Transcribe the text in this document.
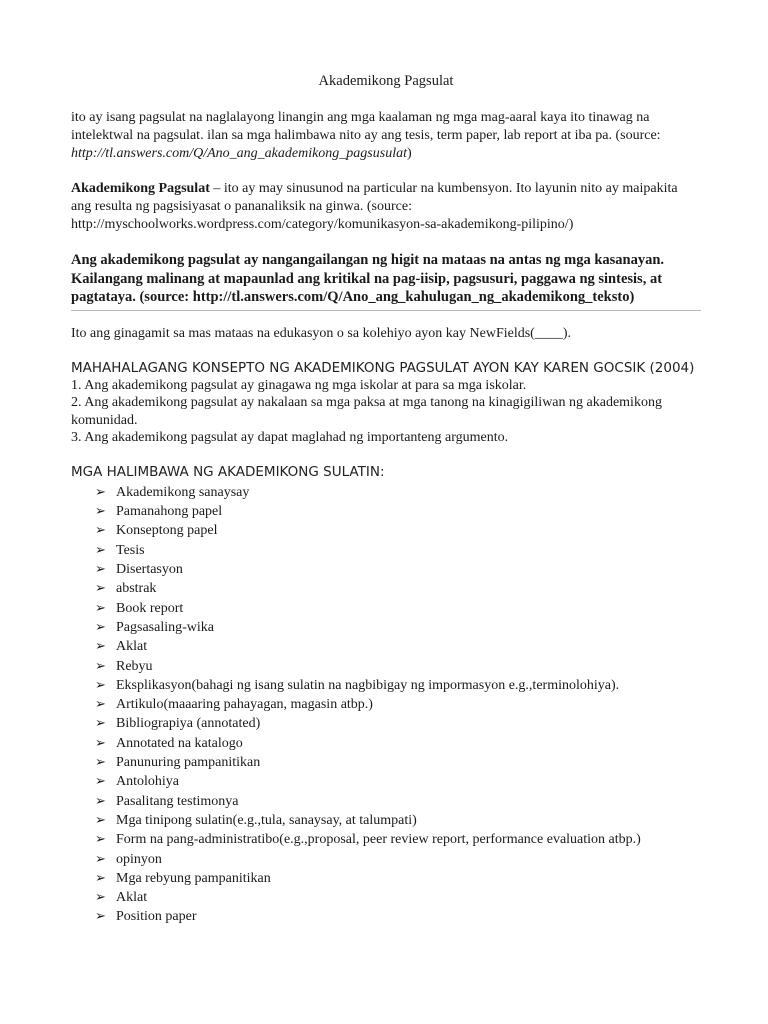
Akademikong Pagsulat

ito ay isang pagsulat na naglalayong linangin ang mga kaalaman ng mga mag-aaral kaya ito tinawag na intelektwal na pagsulat. ilan sa mga halimbawa nito ay ang tesis, term paper, lab report at iba pa. (source: http://tl.answers.com/Q/Ano_ang_akademikong_pagsusulat)

Akademikong Pagsulat – ito ay may sinusunod na particular na kumbensyon. Ito layunin nito ay maipakita ang resulta ng pagsisiyasat o pananaliksik na ginwa. (source: http://myschoolworks.wordpress.com/category/komunikasyon-sa-akademikong-pilipino/)

Ang akademikong pagsulat ay nangangailangan ng higit na mataas na antas ng mga kasanayan. Kailangang malinang at mapaunlad ang kritikal na pag-iisip, pagsusuri, paggawa ng sintesis, at pagtataya. (source: http://tl.answers.com/Q/Ano_ang_kahulugan_ng_akademikong_teksto)

Ito ang ginagamit sa mas mataas na edukasyon o sa kolehiyo ayon kay NewFields(____).

MAHAHALAGANG KONSEPTO NG AKADEMIKONG PAGSULAT AYON KAY KAREN GOCSIK (2004)

1. Ang akademikong pagsulat ay ginagawa ng mga iskolar at para sa mga iskolar.

2. Ang akademikong pagsulat ay nakalaan sa mga paksa at mga tanong na kinagigiliwan ng akademikong komunidad.

3. Ang akademikong pagsulat ay dapat maglahad ng importanteng argumento.

MGA HALIMBAWA NG AKADEMIKONG SULATIN:
➢ Akademikong sanaysay
➢ Pamanahong papel
➢ Konseptong papel
➢ Tesis
➢ Disertasyon
➢ abstrak
➢ Book report
➢ Pagsasaling-wika
➢ Aklat
➢ Rebyu
➢ Eksplikasyon(bahagi ng isang sulatin na nagbibigay ng impormasyon e.g.,terminolohiya).
➢ Artikulo(maaaring pahayagan, magasin atbp.)
➢ Bibliograpiya (annotated)
➢ Annotated na katalogo
➢ Panunuring pampanitikan
➢ Antolohiya
➢ Pasalitang testimonya
➢ Mga tinipong sulatin(e.g.,tula, sanaysay, at talumpati)
➢ Form na pang-administratibo(e.g.,proposal, peer review report, performance evaluation atbp.)
➢ opinyon
➢ Mga rebyung pampanitikan
➢ Aklat
➢ Position paper
